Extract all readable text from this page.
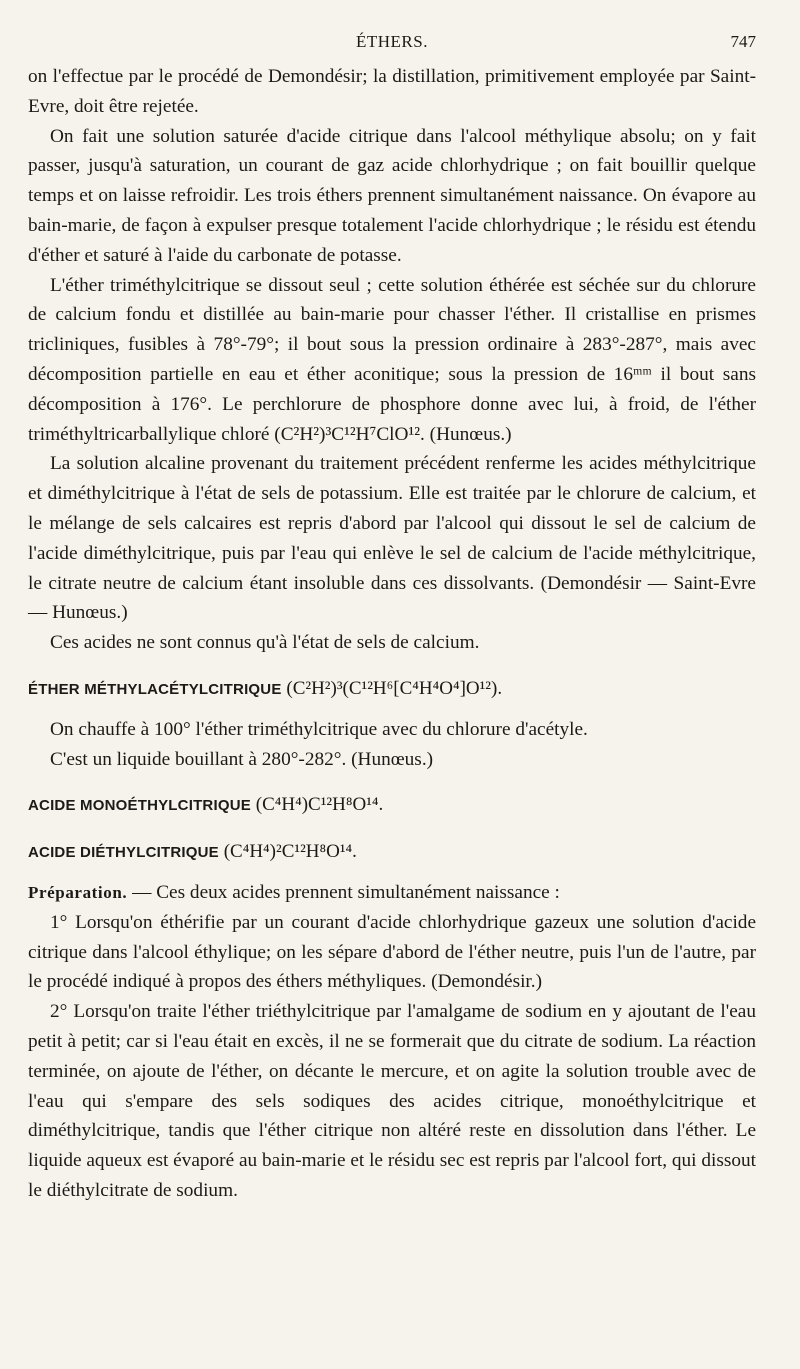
ÉTHERS.	747

on l'effectue par le procédé de Demondésir; la distillation, primitivement employée par Saint-Evre, doit être rejetée.

On fait une solution saturée d'acide citrique dans l'alcool méthylique absolu; on y fait passer, jusqu'à saturation, un courant de gaz acide chlorhydrique ; on fait bouillir quelque temps et on laisse refroidir. Les trois éthers prennent simultanément naissance. On évapore au bain-marie, de façon à expulser presque totalement l'acide chlorhydrique ; le résidu est étendu d'éther et saturé à l'aide du carbonate de potasse.

L'éther triméthylcitrique se dissout seul ; cette solution éthérée est séchée sur du chlorure de calcium fondu et distillée au bain-marie pour chasser l'éther. Il cristallise en prismes tricliniques, fusibles à 78°-79°; il bout sous la pression ordinaire à 283°-287°, mais avec décomposition partielle en eau et éther aconitique; sous la pression de 16ᵐᵐ il bout sans décomposition à 176°. Le perchlorure de phosphore donne avec lui, à froid, de l'éther triméthyltricarballylique chloré (C²H²)³C¹²H⁷ClO¹². (Hunœus.)

La solution alcaline provenant du traitement précédent renferme les acides méthylcitrique et diméthylcitrique à l'état de sels de potassium. Elle est traitée par le chlorure de calcium, et le mélange de sels calcaires est repris d'abord par l'alcool qui dissout le sel de calcium de l'acide diméthylcitrique, puis par l'eau qui enlève le sel de calcium de l'acide méthylcitrique, le citrate neutre de calcium étant insoluble dans ces dissolvants. (Demondésir — Saint-Evre — Hunœus.)

Ces acides ne sont connus qu'à l'état de sels de calcium.

ÉTHER MÉTHYLACÉTYLCITRIQUE (C²H²)³(C¹²H⁶[C⁴H⁴O⁴]O¹²).

On chauffe à 100° l'éther triméthylcitrique avec du chlorure d'acétyle.

C'est un liquide bouillant à 280°-282°. (Hunœus.)

ACIDE MONOÉTHYLCITRIQUE (C⁴H⁴)C¹²H⁸O¹⁴.

ACIDE DIÉTHYLCITRIQUE (C⁴H⁴)²C¹²H⁸O¹⁴.

Préparation. — Ces deux acides prennent simultanément naissance :

1° Lorsqu'on éthérifie par un courant d'acide chlorhydrique gazeux une solution d'acide citrique dans l'alcool éthylique; on les sépare d'abord de l'éther neutre, puis l'un de l'autre, par le procédé indiqué à propos des éthers méthyliques. (Demondésir.)

2° Lorsqu'on traite l'éther triéthylcitrique par l'amalgame de sodium en y ajoutant de l'eau petit à petit; car si l'eau était en excès, il ne se formerait que du citrate de sodium. La réaction terminée, on ajoute de l'éther, on décante le mercure, et on agite la solution trouble avec de l'eau qui s'empare des sels sodiques des acides citrique, monoéthylcitrique et diméthylcitrique, tandis que l'éther citrique non altéré reste en dissolution dans l'éther. Le liquide aqueux est évaporé au bain-marie et le résidu sec est repris par l'alcool fort, qui dissout le diéthylcitrate de sodium.
